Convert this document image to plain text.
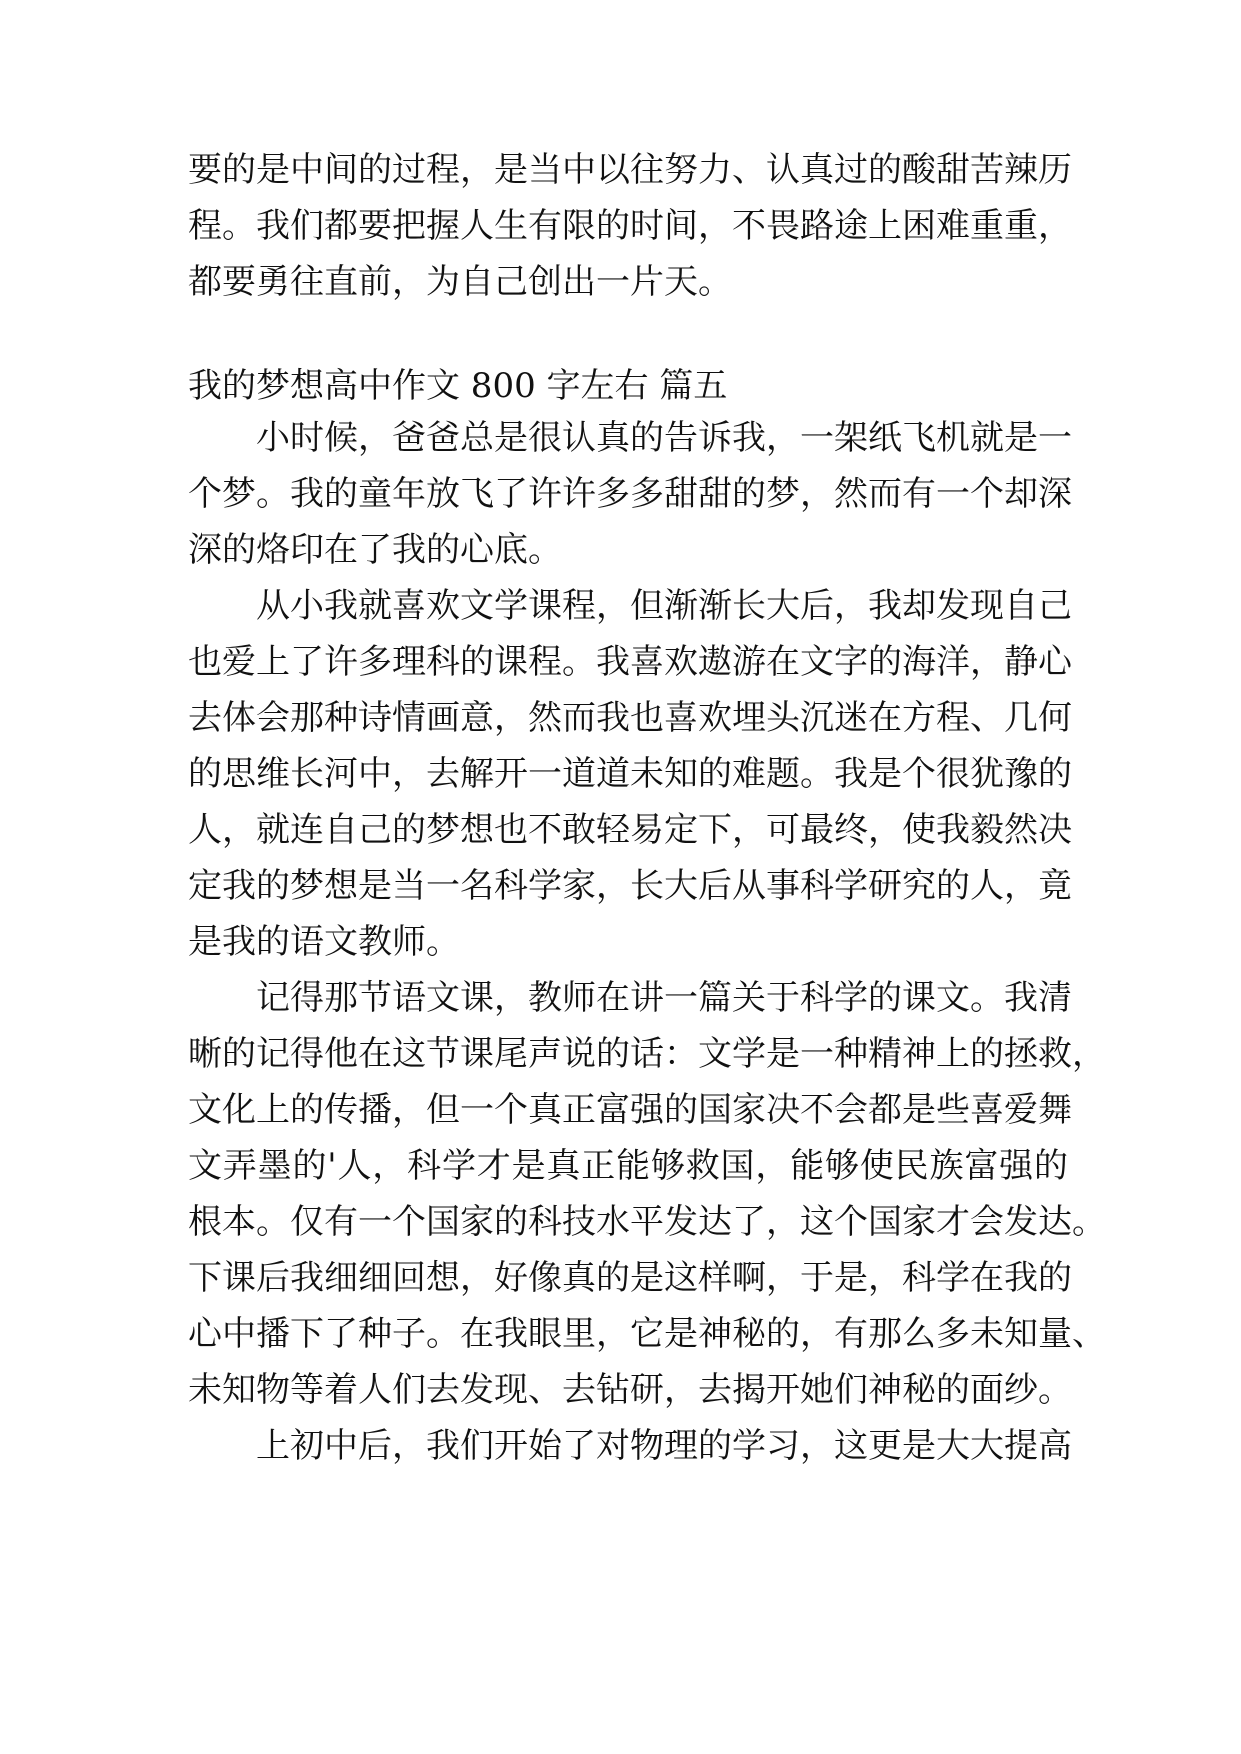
要的是中间的过程，是当中以往努力、认真过的酸甜苦辣历
程。我们都要把握人生有限的时间，不畏路途上困难重重，
都要勇往直前，为自己创出一片天。
我的梦想高中作文 800 字左右 篇五
小时候，爸爸总是很认真的告诉我，一架纸飞机就是一
个梦。我的童年放飞了许许多多甜甜的梦，然而有一个却深
深的烙印在了我的心底。
从小我就喜欢文学课程，但渐渐长大后，我却发现自己
也爱上了许多理科的课程。我喜欢遨游在文字的海洋，静心
去体会那种诗情画意，然而我也喜欢埋头沉迷在方程、几何
的思维长河中，去解开一道道未知的难题。我是个很犹豫的
人，就连自己的梦想也不敢轻易定下，可最终，使我毅然决
定我的梦想是当一名科学家，长大后从事科学研究的人，竟
是我的语文教师。
记得那节语文课，教师在讲一篇关于科学的课文。我清
晰的记得他在这节课尾声说的话：文学是一种精神上的拯救，
文化上的传播，但一个真正富强的国家决不会都是些喜爱舞
文弄墨的'人，科学才是真正能够救国，能够使民族富强的
根本。仅有一个国家的科技水平发达了，这个国家才会发达。
下课后我细细回想，好像真的是这样啊，于是，科学在我的
心中播下了种子。在我眼里，它是神秘的，有那么多未知量、
未知物等着人们去发现、去钻研，去揭开她们神秘的面纱。
上初中后，我们开始了对物理的学习，这更是大大提高
